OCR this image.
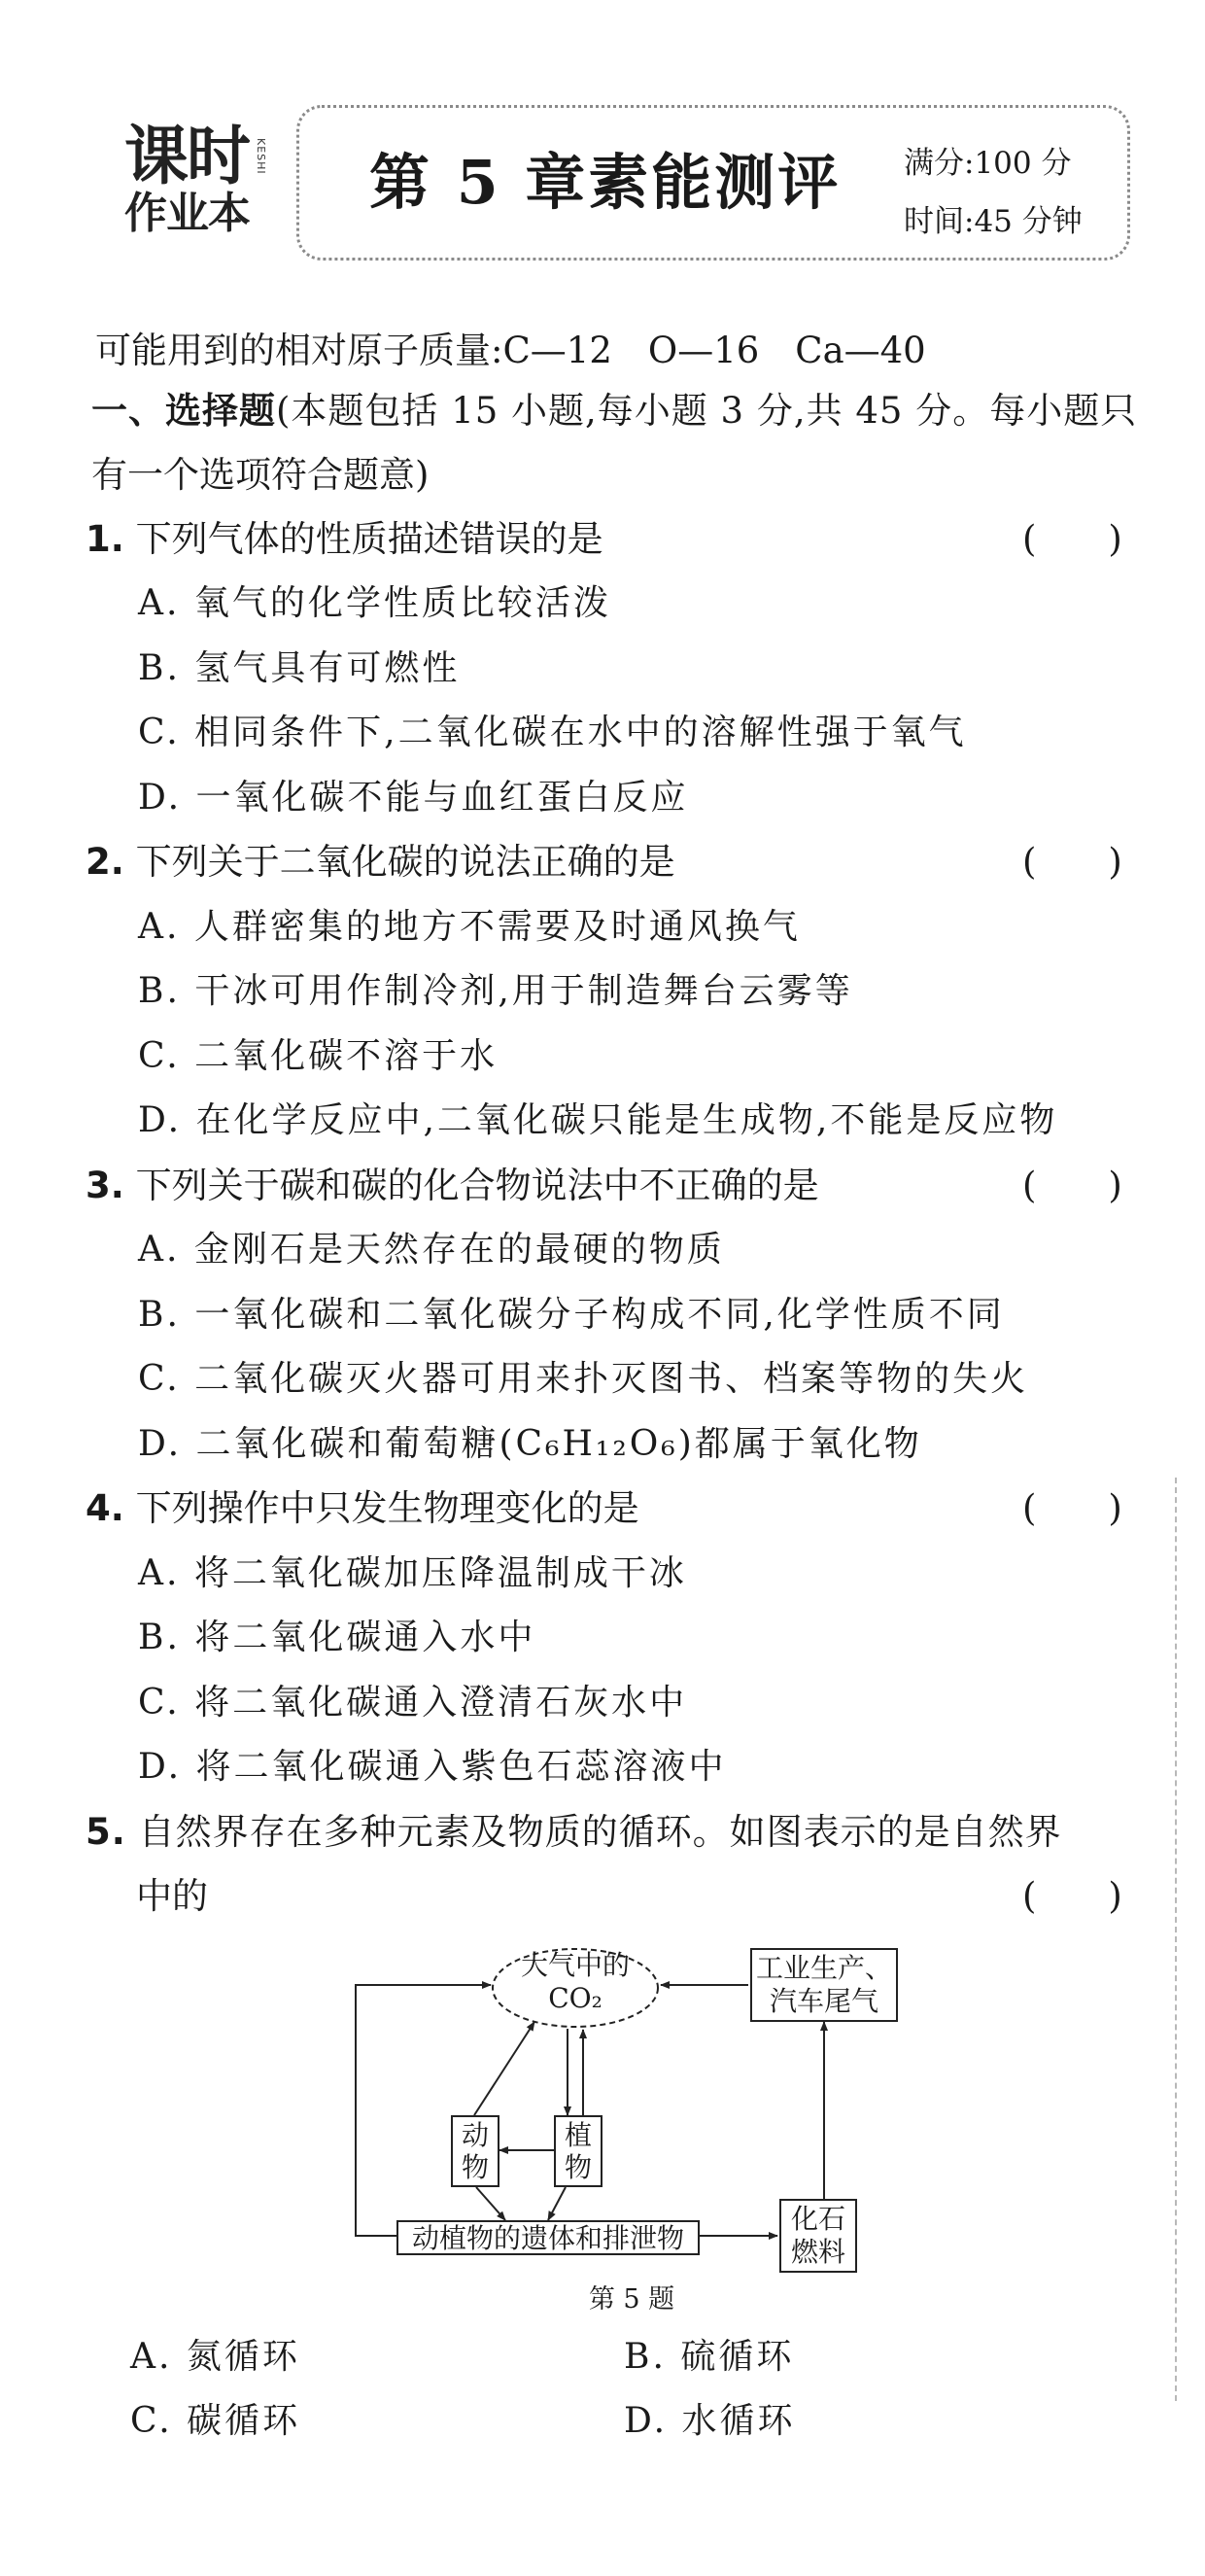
课时 KESHI
作业本	第 5 章素能测评 满分:100 分
时间:45 分钟
可能用到的相对原子质量:C—12　O—16　Ca—40
一、选择题(本题包括 15 小题,每小题 3 分,共 45 分。每小题只
有一个选项符合题意)
1. 下列气体的性质描述错误的是	(　　)
A. 氧气的化学性质比较活泼
B. 氢气具有可燃性
C. 相同条件下,二氧化碳在水中的溶解性强于氧气
D. 一氧化碳不能与血红蛋白反应
2. 下列关于二氧化碳的说法正确的是	(　　)
A. 人群密集的地方不需要及时通风换气
B. 干冰可用作制冷剂,用于制造舞台云雾等
C. 二氧化碳不溶于水
D. 在化学反应中,二氧化碳只能是生成物,不能是反应物
3. 下列关于碳和碳的化合物说法中不正确的是	(　　)
A. 金刚石是天然存在的最硬的物质
B. 一氧化碳和二氧化碳分子构成不同,化学性质不同
C. 二氧化碳灭火器可用来扑灭图书、档案等物的失火
D. 二氧化碳和葡萄糖(C₆H₁₂O₆)都属于氧化物
4. 下列操作中只发生物理变化的是	(　　)
A. 将二氧化碳加压降温制成干冰
B. 将二氧化碳通入水中
C. 将二氧化碳通入澄清石灰水中
D. 将二氧化碳通入紫色石蕊溶液中
5. 自然界存在多种元素及物质的循环。如图表示的是自然界
中的	(　　)
大气中的
CO₂
工业生产、
汽车尾气
动
物
植
物
动植物的遗体和排泄物
化石
燃料
第 5 题
A. 氮循环	B. 硫循环
C. 碳循环	D. 水循环
